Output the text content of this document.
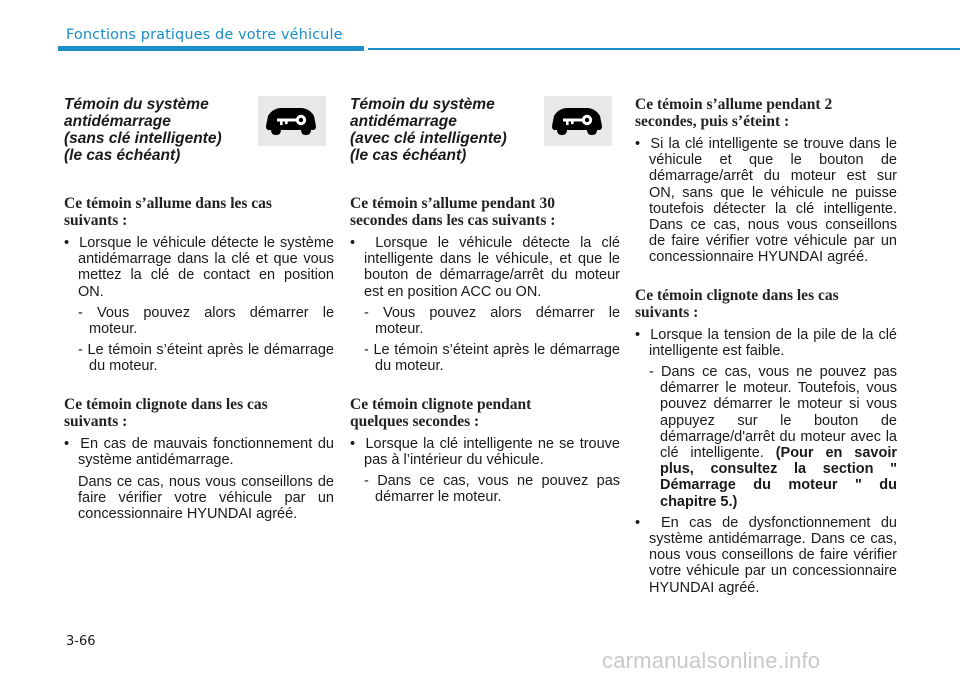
Fonctions pratiques de votre véhicule
Témoin du système
antidémarrage
(sans clé intelligente)
(le cas échéant)
Ce témoin s’allume dans les cas
suivants :

•  Lorsque le véhicule détecte le système antidémarrage dans la clé et que vous mettez la clé de contact en position ON.

- Vous pouvez alors démarrer le moteur.

- Le témoin s’éteint après le démarrage du moteur.

Ce témoin clignote dans les cas
suivants :

•  En cas de mauvais fonctionnement du système antidémarrage.

Dans ce cas, nous vous conseillons de faire vérifier votre véhicule par un concessionnaire HYUNDAI agréé.

Témoin du système
antidémarrage
(avec clé intelligente)
(le cas échéant)
Ce témoin s’allume pendant 30
secondes dans les cas suivants :

•  Lorsque le véhicule détecte la clé intelligente dans le véhicule, et que le bouton de démarrage/arrêt du moteur est en position ACC ou ON.

- Vous pouvez alors démarrer le moteur.

- Le témoin s’éteint après le démarrage du moteur.

Ce témoin clignote pendant
quelques secondes :

•  Lorsque la clé intelligente ne se trouve pas à l’intérieur du véhicule.

- Dans ce cas, vous ne pouvez pas démarrer le moteur.

Ce témoin s’allume pendant 2
secondes, puis s’éteint :

•  Si la clé intelligente se trouve dans le véhicule et que le bouton de démarrage/arrêt du moteur est sur ON, sans que le véhicule ne puisse toutefois détecter la clé intelligente. Dans ce cas, nous vous conseillons de faire vérifier votre véhicule par un concessionnaire HYUNDAI agréé.

Ce témoin clignote dans les cas
suivants :

•  Lorsque la tension de la pile de la clé intelligente est faible.

- Dans ce cas, vous ne pouvez pas démarrer le moteur. Toutefois, vous pouvez démarrer le moteur si vous appuyez sur le bouton de démarrage/d'arrêt du moteur avec la clé intelligente. (Pour en savoir plus, consultez la section " Démarrage du moteur " du chapitre 5.)

•  En cas de dysfonctionnement du système antidémarrage. Dans ce cas, nous vous conseillons de faire vérifier votre véhicule par un concessionnaire HYUNDAI agréé.

3-66
carmanualsonline.info
